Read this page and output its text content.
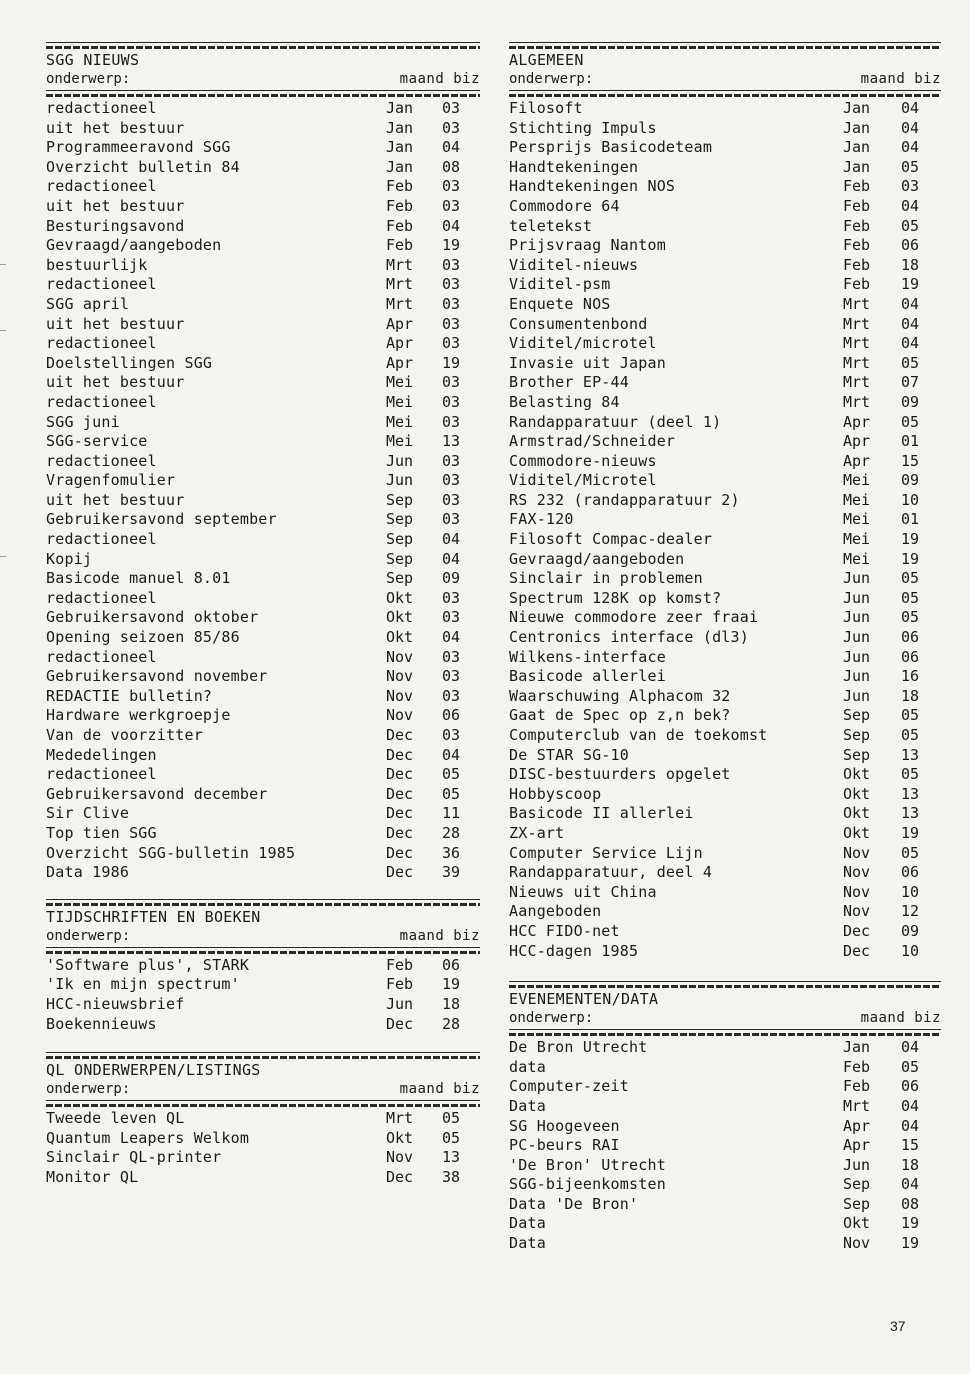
SGG NIEUWS
onderwerp:	maand biz
redactioneel	Jan	03
uit het bestuur	Jan	03
Programmeeravond SGG	Jan	04
Overzicht bulletin 84	Jan	08
redactioneel	Feb	03
uit het bestuur	Feb	03
Besturingsavond	Feb	04
Gevraagd/aangeboden	Feb	19
bestuurlijk	Mrt	03
redactioneel	Mrt	03
SGG april	Mrt	03
uit het bestuur	Apr	03
redactioneel	Apr	03
Doelstellingen SGG	Apr	19
uit het bestuur	Mei	03
redactioneel	Mei	03
SGG juni	Mei	03
SGG-service	Mei	13
redactioneel	Jun	03
Vragenfomulier	Jun	03
uit het bestuur	Sep	03
Gebruikersavond september	Sep	03
redactioneel	Sep	04
Kopij	Sep	04
Basicode manuel 8.01	Sep	09
redactioneel	Okt	03
Gebruikersavond oktober	Okt	03
Opening seizoen 85/86	Okt	04
redactioneel	Nov	03
Gebruikersavond november	Nov	03
REDACTIE bulletin?	Nov	03
Hardware werkgroepje	Nov	06
Van de voorzitter	Dec	03
Mededelingen	Dec	04
redactioneel	Dec	05
Gebruikersavond december	Dec	05
Sir Clive	Dec	11
Top tien SGG	Dec	28
Overzicht SGG-bulletin 1985	Dec	36
Data 1986	Dec	39
TIJDSCHRIFTEN EN BOEKEN
onderwerp:	maand biz
'Software plus', STARK	Feb	06
'Ik en mijn spectrum'	Feb	19
HCC-nieuwsbrief	Jun	18
Boekennieuws	Dec	28
QL ONDERWERPEN/LISTINGS
onderwerp:	maand biz
Tweede leven QL	Mrt	05
Quantum Leapers Welkom	Okt	05
Sinclair QL-printer	Nov	13
Monitor QL	Dec	38
ALGEMEEN
onderwerp:	maand biz
Filosoft	Jan	04
Stichting Impuls	Jan	04
Persprijs Basicodeteam	Jan	04
Handtekeningen	Jan	05
Handtekeningen NOS	Feb	03
Commodore 64	Feb	04
teletekst	Feb	05
Prijsvraag Nantom	Feb	06
Viditel-nieuws	Feb	18
Viditel-psm	Feb	19
Enquete NOS	Mrt	04
Consumentenbond	Mrt	04
Viditel/microtel	Mrt	04
Invasie uit Japan	Mrt	05
Brother EP-44	Mrt	07
Belasting 84	Mrt	09
Randapparatuur (deel 1)	Apr	05
Armstrad/Schneider	Apr	01
Commodore-nieuws	Apr	15
Viditel/Microtel	Mei	09
RS 232 (randapparatuur 2)	Mei	10
FAX-120	Mei	01
Filosoft Compac-dealer	Mei	19
Gevraagd/aangeboden	Mei	19
Sinclair in problemen	Jun	05
Spectrum 128K op komst?	Jun	05
Nieuwe commodore zeer fraai	Jun	05
Centronics interface (dl3)	Jun	06
Wilkens-interface	Jun	06
Basicode allerlei	Jun	16
Waarschuwing Alphacom 32	Jun	18
Gaat de Spec op z,n bek?	Sep	05
Computerclub van de toekomst	Sep	05
De STAR SG-10	Sep	13
DISC-bestuurders opgelet	Okt	05
Hobbyscoop	Okt	13
Basicode II allerlei	Okt	13
ZX-art	Okt	19
Computer Service Lijn	Nov	05
Randapparatuur, deel 4	Nov	06
Nieuws uit China	Nov	10
Aangeboden	Nov	12
HCC FIDO-net	Dec	09
HCC-dagen 1985	Dec	10
EVENEMENTEN/DATA
onderwerp:	maand biz
De Bron Utrecht	Jan	04
data	Feb	05
Computer-zeit	Feb	06
Data	Mrt	04
SG Hoogeveen	Apr	04
PC-beurs RAI	Apr	15
'De Bron' Utrecht	Jun	18
SGG-bijeenkomsten	Sep	04
Data 'De Bron'	Sep	08
Data	Okt	19
Data	Nov	19
37
